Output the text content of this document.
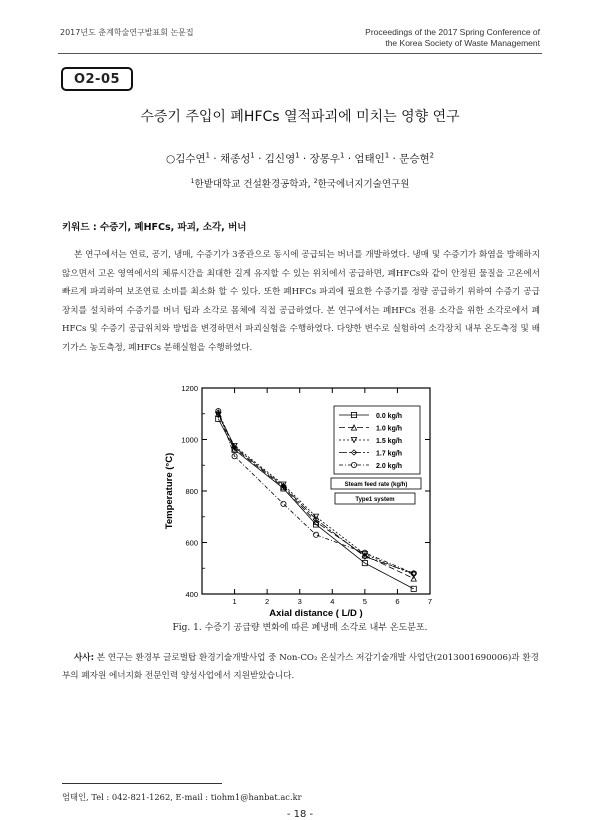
2017년도 춘계학술연구발표회 논문집	Proceedings of the 2017 Spring Conference of
the Korea Society of Waste Management
O2-05
수증기 주입이 폐HFCs 열적파괴에 미치는 영향 연구
○김수연$^1$ · 채종성$^1$ · 김신영$^1$ · 장몽우$^1$ · 엄태인$^1$ · 문승현$^2$
$^1$한밭대학교 건설환경공학과, $^2$한국에너지기술연구원
키워드 : 수증기, 폐HFCs, 파괴, 소각, 버너
본 연구에서는 연료, 공기, 냉매, 수증기가 3중관으로 동시에 공급되는 버너를 개발하였다. 냉매 및 수증기가 화염을 방해하지 않으면서 고온 영역에서의 체류시간을 최대한 길게 유지할 수 있는 위치에서 공급하면, 폐HFCs와 같이 안정된 물질을 고온에서 빠르게 파괴하여 보조연료 소비를 최소화 할 수 있다. 또한 폐HFCs 파괴에 필요한 수증기를 정량 공급하기 위하여 수증기 공급장치를 설치하여 수증기를 버너 팁과 소각로 몸체에 직접 공급하였다. 본 연구에서는 폐HFCs 전용 소각을 위한 소각로에서 폐HFCs 및 수증기 공급위치와 방법을 변경하면서 파괴실험을 수행하였다. 다양한 변수로 실험하여 소각장치 내부 온도측정 및 배기가스 농도측정, 폐HFCs 분해실험을 수행하였다.
1	2	3	4	5	6	7
400
600
800
1000
1200
Axial distance ( L/D )
Temperature (°C)
0.0 kg/h
1.0 kg/h
1.5 kg/h
1.7 kg/h
2.0 kg/h
Steam feed rate (kg/h)
Type1 system
Fig. 1. 수증기 공급량 변화에 따른 폐냉매 소각로 내부 온도분포.
사사: 본 연구는 환경부 글로벌탑 환경기술개발사업 중 Non-CO₂ 온실가스 저감기술개발 사업단(2013001690006)과 환경부의 폐자원 에너지화 전문인력 양성사업에서 지원받았습니다.
엄태인, Tel : 042-821-1262, E-mail : tiohm1@hanbat.ac.kr
- 18 -
